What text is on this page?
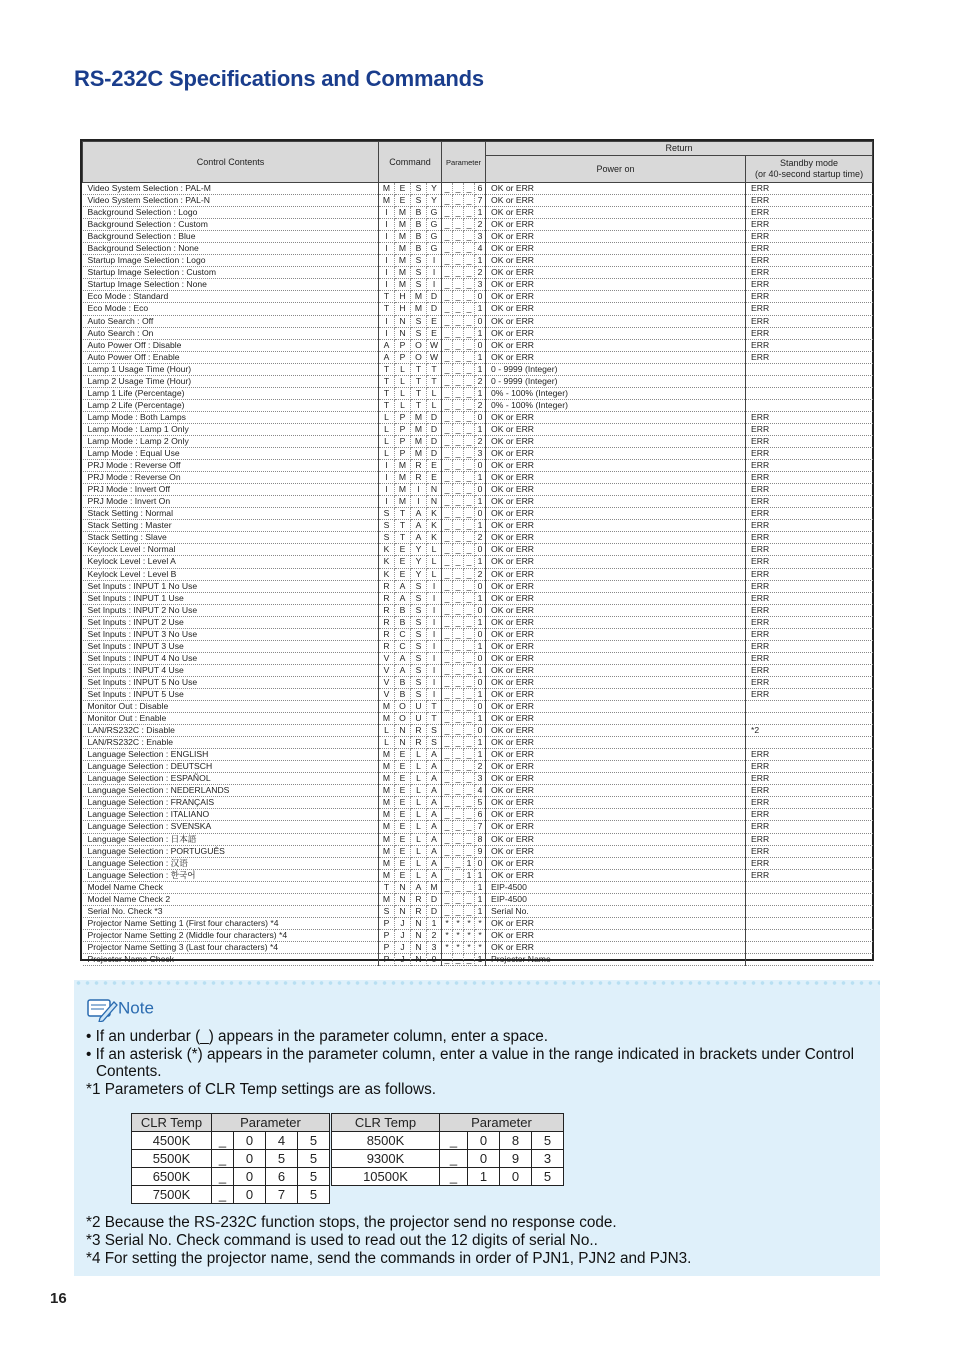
RS-232C Specifications and Commands
Control Contents	Command				Parameter				Return	
									Power on	Standby mode
(or 40-second startup time)
Video System Selection : PAL-M	M	E	S	Y	_	_	_	6	OK or ERR	ERR
Video System Selection : PAL-N	M	E	S	Y	_	_	_	7	OK or ERR	ERR
Background Selection : Logo	I	M	B	G	_	_	_	1	OK or ERR	ERR
Background Selection : Custom	I	M	B	G	_	_	_	2	OK or ERR	ERR
Background Selection : Blue	I	M	B	G	_	_	_	3	OK or ERR	ERR
Background Selection : None	I	M	B	G	_	_	_	4	OK or ERR	ERR
Startup Image Selection : Logo	I	M	S	I	_	_	_	1	OK or ERR	ERR
Startup Image Selection : Custom	I	M	S	I	_	_	_	2	OK or ERR	ERR
Startup Image Selection : None	I	M	S	I	_	_	_	3	OK or ERR	ERR
Eco Mode : Standard	T	H	M	D	_	_	_	0	OK or ERR	ERR
Eco Mode : Eco	T	H	M	D	_	_	_	1	OK or ERR	ERR
Auto Search : Off	I	N	S	E	_	_	_	0	OK or ERR	ERR
Auto Search : On	I	N	S	E	_	_	_	1	OK or ERR	ERR
Auto Power Off : Disable	A	P	O	W	_	_	_	0	OK or ERR	ERR
Auto Power Off : Enable	A	P	O	W	_	_	_	1	OK or ERR	ERR
Lamp 1 Usage Time (Hour)	T	L	T	T	_	_	_	1	0 - 9999 (Integer)	
Lamp 2 Usage Time (Hour)	T	L	T	T	_	_	_	2	0 - 9999 (Integer)	
Lamp 1 Life (Percentage)	T	L	T	L	_	_	_	1	0% - 100% (Integer)	
Lamp 2 Life (Percentage)	T	L	T	L	_	_	_	2	0% - 100% (Integer)	
Lamp Mode : Both Lamps	L	P	M	D	_	_	_	0	OK or ERR	ERR
Lamp Mode : Lamp 1 Only	L	P	M	D	_	_	_	1	OK or ERR	ERR
Lamp Mode : Lamp 2 Only	L	P	M	D	_	_	_	2	OK or ERR	ERR
Lamp Mode : Equal Use	L	P	M	D	_	_	_	3	OK or ERR	ERR
PRJ Mode : Reverse Off	I	M	R	E	_	_	_	0	OK or ERR	ERR
PRJ Mode : Reverse On	I	M	R	E	_	_	_	1	OK or ERR	ERR
PRJ Mode : Invert Off	I	M	I	N	_	_	_	0	OK or ERR	ERR
PRJ Mode : Invert On	I	M	I	N	_	_	_	1	OK or ERR	ERR
Stack Setting : Normal	S	T	A	K	_	_	_	0	OK or ERR	ERR
Stack Setting : Master	S	T	A	K	_	_	_	1	OK or ERR	ERR
Stack Setting : Slave	S	T	A	K	_	_	_	2	OK or ERR	ERR
Keylock Level : Normal	K	E	Y	L	_	_	_	0	OK or ERR	ERR
Keylock Level : Level A	K	E	Y	L	_	_	_	1	OK or ERR	ERR
Keylock Level : Level B	K	E	Y	L	_	_	_	2	OK or ERR	ERR
Set Inputs : INPUT 1 No Use	R	A	S	I	_	_	_	0	OK or ERR	ERR
Set Inputs : INPUT 1 Use	R	A	S	I	_	_	_	1	OK or ERR	ERR
Set Inputs : INPUT 2 No Use	R	B	S	I	_	_	_	0	OK or ERR	ERR
Set Inputs : INPUT 2 Use	R	B	S	I	_	_	_	1	OK or ERR	ERR
Set Inputs : INPUT 3 No Use	R	C	S	I	_	_	_	0	OK or ERR	ERR
Set Inputs : INPUT 3 Use	R	C	S	I	_	_	_	1	OK or ERR	ERR
Set Inputs : INPUT 4 No Use	V	A	S	I	_	_	_	0	OK or ERR	ERR
Set Inputs : INPUT 4 Use	V	A	S	I	_	_	_	1	OK or ERR	ERR
Set Inputs : INPUT 5 No Use	V	B	S	I	_	_	_	0	OK or ERR	ERR
Set Inputs : INPUT 5 Use	V	B	S	I	_	_	_	1	OK or ERR	ERR
Monitor Out : Disable	M	O	U	T	_	_	_	0	OK or ERR	
Monitor Out : Enable	M	O	U	T	_	_	_	1	OK or ERR	
LAN/RS232C : Disable	L	N	R	S	_	_	_	0	OK or ERR	*2
LAN/RS232C : Enable	L	N	R	S	_	_	_	1	OK or ERR	
Language Selection : ENGLISH	M	E	L	A	_	_	_	1	OK or ERR	ERR
Language Selection : DEUTSCH	M	E	L	A	_	_	_	2	OK or ERR	ERR
Language Selection : ESPAÑOL	M	E	L	A	_	_	_	3	OK or ERR	ERR
Language Selection : NEDERLANDS	M	E	L	A	_	_	_	4	OK or ERR	ERR
Language Selection : FRANÇAIS	M	E	L	A	_	_	_	5	OK or ERR	ERR
Language Selection : ITALIANO	M	E	L	A	_	_	_	6	OK or ERR	ERR
Language Selection : SVENSKA	M	E	L	A	_	_	_	7	OK or ERR	ERR
Language Selection : 日本語	M	E	L	A	_	_	_	8	OK or ERR	ERR
Language Selection : PORTUGUÊS	M	E	L	A	_	_	_	9	OK or ERR	ERR
Language Selection : 汉语	M	E	L	A	_	_	1	0	OK or ERR	ERR
Language Selection : 한국어	M	E	L	A	_	_	1	1	OK or ERR	ERR
Model Name Check	T	N	A	M	_	_	_	1	EIP-4500	
Model Name Check 2	M	N	R	D	_	_	_	1	EIP-4500	
Serial No. Check *3	S	N	R	D	_	_	_	1	Serial No.	
Projector Name Setting 1 (First four characters) *4	P	J	N	1	*	*	*	*	OK or ERR	
Projector Name Setting 2 (Middle four characters) *4	P	J	N	2	*	*	*	*	OK or ERR	
Projector Name Setting 3 (Last four characters) *4	P	J	N	3	*	*	*	*	OK or ERR	
Projector Name Check	P	J	N	0	_	_	_	1	Projector Name	
Note

• If an underbar (_) appears in the parameter column, enter a space.

• If an asterisk (*) appears in the parameter column, enter a value in the range indicated in brackets under Control Contents.

*1 Parameters of CLR Temp settings are as follows.

CLR Temp	Parameter					CLR Temp	Parameter			
4500K	_	0	4	5		8500K	_	0	8	5
5500K	_	0	5	5		9300K	_	0	9	3
6500K	_	0	6	5		10500K	_	1	0	5
7500K	_	0	7	5						

*2 Because the RS-232C function stops, the projector send no response code.

*3 Serial No. Check command is used to read out the 12 digits of serial No..

*4 For setting the projector name, send the commands in order of PJN1, PJN2 and PJN3.

16
